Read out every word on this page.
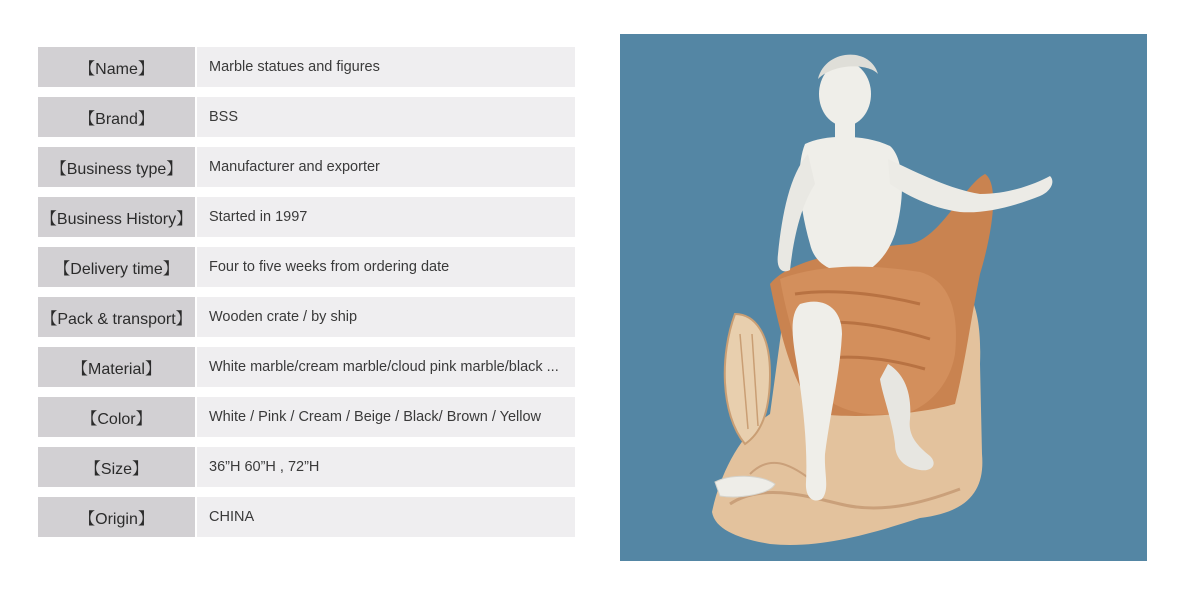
【Name】	Marble statues and figures
【Brand】	BSS
【Business type】	Manufacturer and exporter
【Business History】 Started in 1997
【Delivery time】	Four to five weeks from ordering date
【Pack & transport】 Wooden crate / by ship
【Material】	White marble/cream marble/cloud pink marble/black ...
【Color】	White / Pink / Cream / Beige / Black/ Brown / Yellow
【Size】	36”H 60”H , 72”H
【Origin】	CHINA
